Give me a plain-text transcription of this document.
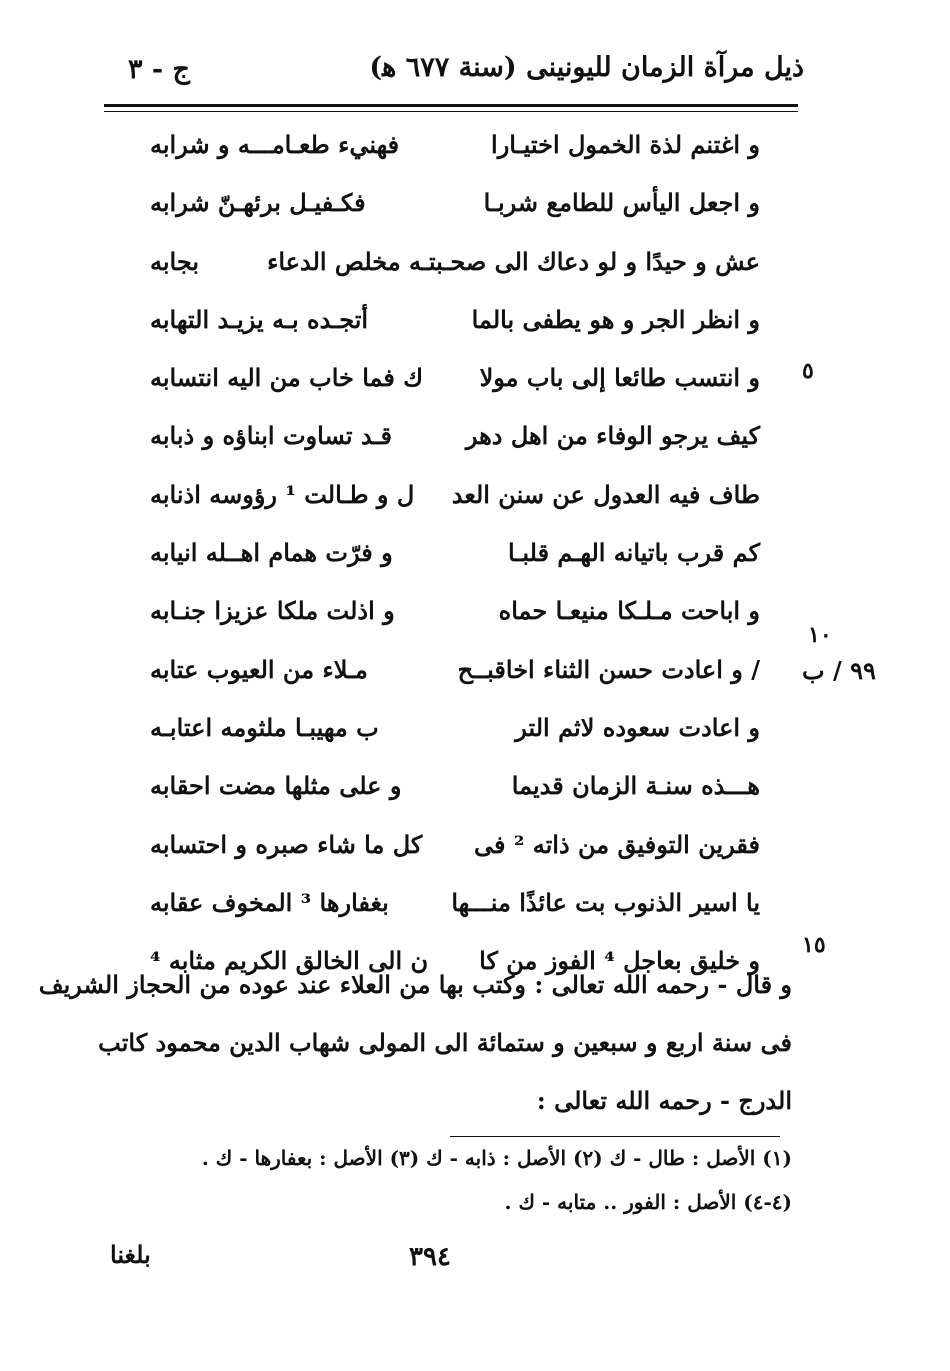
ذيل مرآة الزمان لليونينى (سنة ٦٧٧ ﻫ)
ج - ٣
و اغتنم لذة الخمول اختيـارا
فهنيء طعـامـــه و شرابه
و اجعل اليأس للطامع شربـا
فكـفيـل برئهـنّ شرابه
عش و حيدًا و لو دعاك الى صحـبتـه مخلص الدعاء
بجابه
و انظر الجر و هو يطفى بالما
أتجـده بـه يزيـد التهابه
و انتسب طائعا إلى باب مولا
ك فما خاب من اليه انتسابه
كيف يرجو الوفاء من اهل دهر
قـد تساوت ابناؤه و ذبابه
طاف فيه العدول عن سنن العد
ل و طـالت ¹ رؤوسه اذنابه
كم قرب باتيانه الهـم قلبـا
و فرّت همام اهــله انيابه
و اباحت مـلـكا منيعـا حماه
و اذلت ملكا عزيزا جنـابه
/ و اعادت حسن الثناء اخاقبــح
مـلاء من العيوب عتابه
و اعادت سعوده لاثم التر
ب مهيبـا ملثومه اعتابـه
هـــذه سنـة الزمان قديما
و على مثلها مضت احقابه
فقرين التوفيق من ذاته ² فى
كل ما شاء صبره و احتسابه
يا اسير الذنوب بت عائذًا منـــها
بغفارها ³ المخوف عقابه
و خليق بعاجل ⁴ الفوز من كا
ن الى الخالق الكريم مثابه ⁴
٥
١٠
٩٩ / ب
١٥
و قال - رحمه الله تعالى : وكتب بها من العلاء عند عوده من الحجاز الشريف
فى سنة اربع و سبعين و ستمائة الى المولى شهاب الدين محمود كاتب
الدرج - رحمه الله تعالى :
(١) الأصل : طال - ك (٢) الأصل : ذابه - ك (٣) الأصل : بعفارها - ك .
(٤-٤) الأصل : الفور .. متابه - ك .
٣٩٤
بلغنا
